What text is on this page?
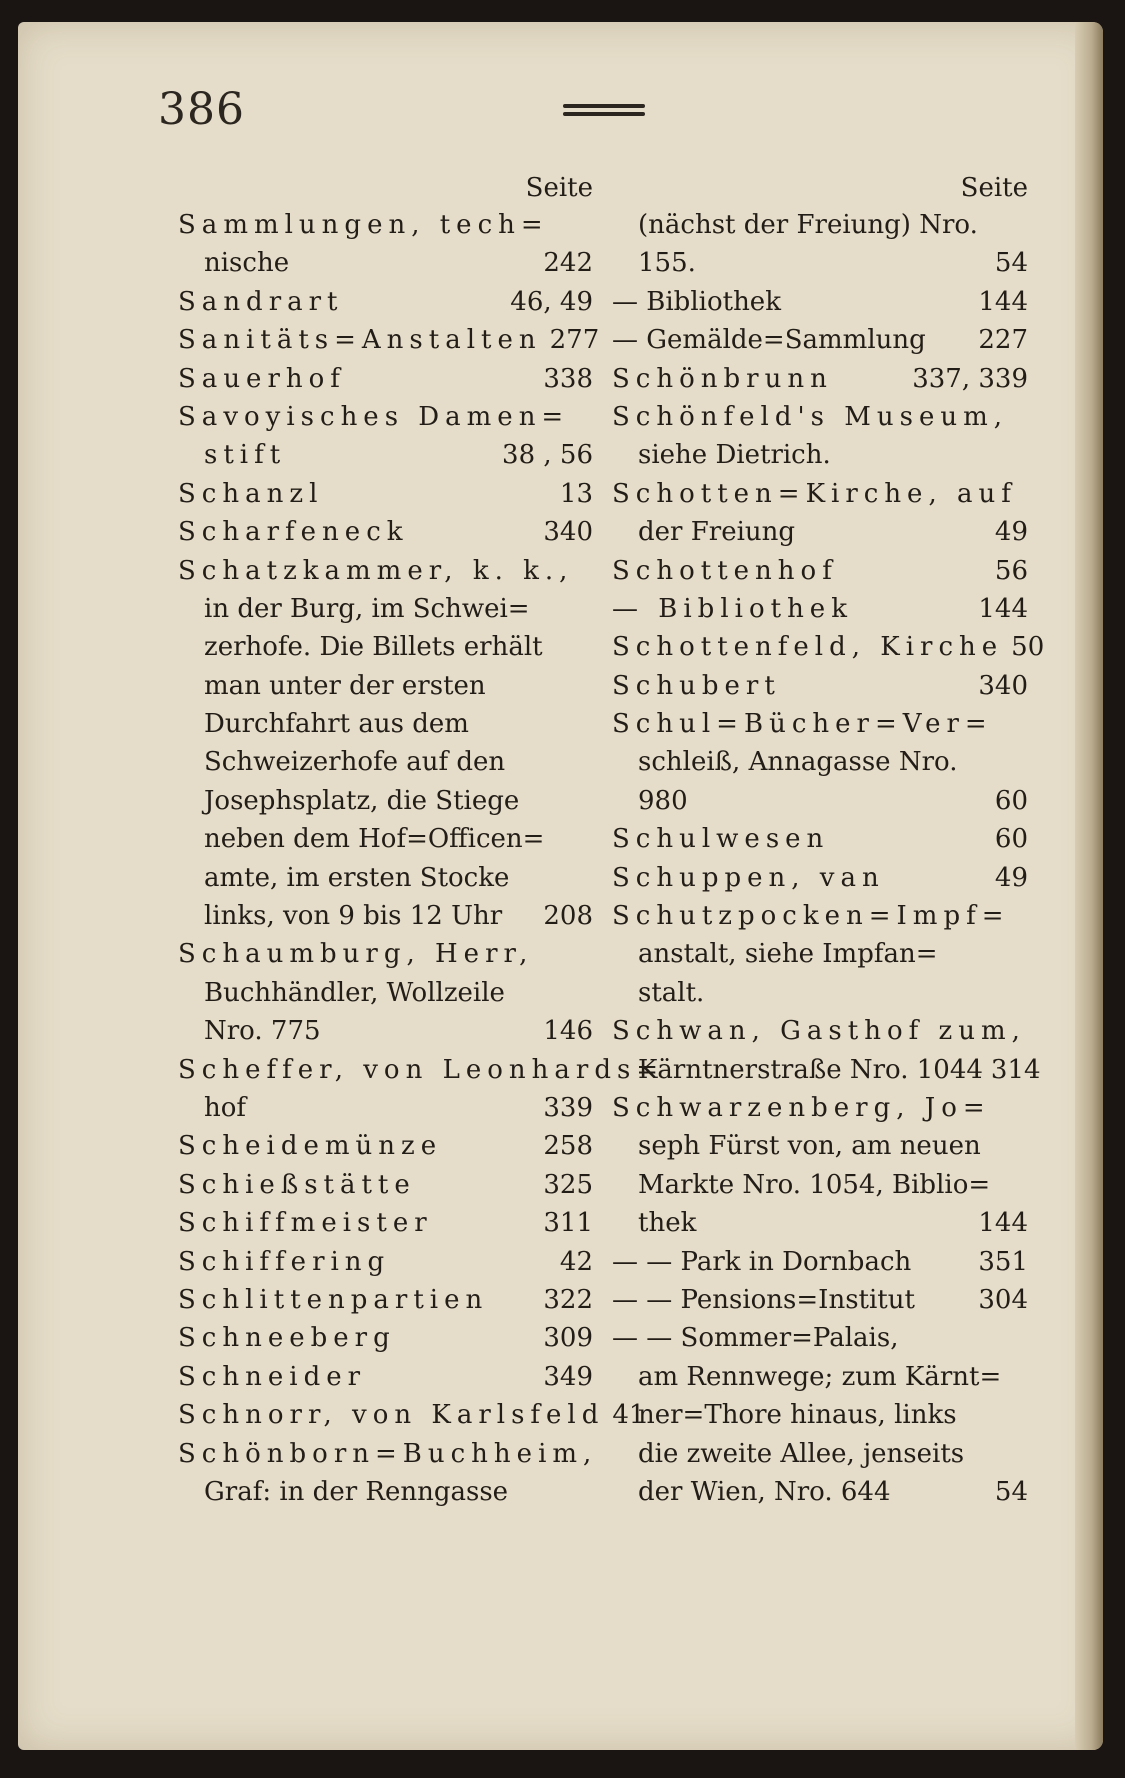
386
Seite
Sammlungen, tech=
nische	242
Sandrart	46, 49
Sanitäts=Anstalten 277
Sauerhof	338
Savoyisches Damen=
stift	38 , 56
Schanzl	13
Scharfeneck	340
Schatzkammer, k. k.,
in der Burg, im Schwei=
zerhofe. Die Billets erhält
man unter der ersten
Durchfahrt aus dem
Schweizerhofe auf den
Josephsplatz, die Stiege
neben dem Hof=Officen=
amte, im ersten Stocke
links, von 9 bis 12 Uhr	208
Schaumburg, Herr,
Buchhändler, Wollzeile
Nro. 775	146
Scheffer, von Leonhards=
hof	339
Scheidemünze	258
Schießstätte	325
Schiffmeister	311
Schiffering	42
Schlittenpartien	322
Schneeberg	309
Schneider	349
Schnorr, von Karlsfeld 41
Schönborn=Buchheim,
Graf: in der Renngasse
Seite
(nächst der Freiung) Nro.
155.	54
— Bibliothek	144
— Gemälde=Sammlung	227
Schönbrunn	337, 339
Schönfeld's Museum,
siehe Dietrich.
Schotten=Kirche, auf
der Freiung	49
Schottenhof	56
— Bibliothek	144
Schottenfeld, Kirche 50
Schubert	340
Schul=Bücher=Ver=
schleiß, Annagasse Nro.
980	60
Schulwesen	60
Schuppen, van	49
Schutzpocken=Impf=
anstalt, siehe Impfan=
stalt.
Schwan, Gasthof zum,
Kärntnerstraße Nro. 1044 314
Schwarzenberg, Jo=
seph Fürst von, am neuen
Markte Nro. 1054, Biblio=
thek	144
— — Park in Dornbach	351
— — Pensions=Institut	304
— — Sommer=Palais,
am Rennwege; zum Kärnt=
ner=Thore hinaus, links
die zweite Allee, jenseits
der Wien, Nro. 644	54
